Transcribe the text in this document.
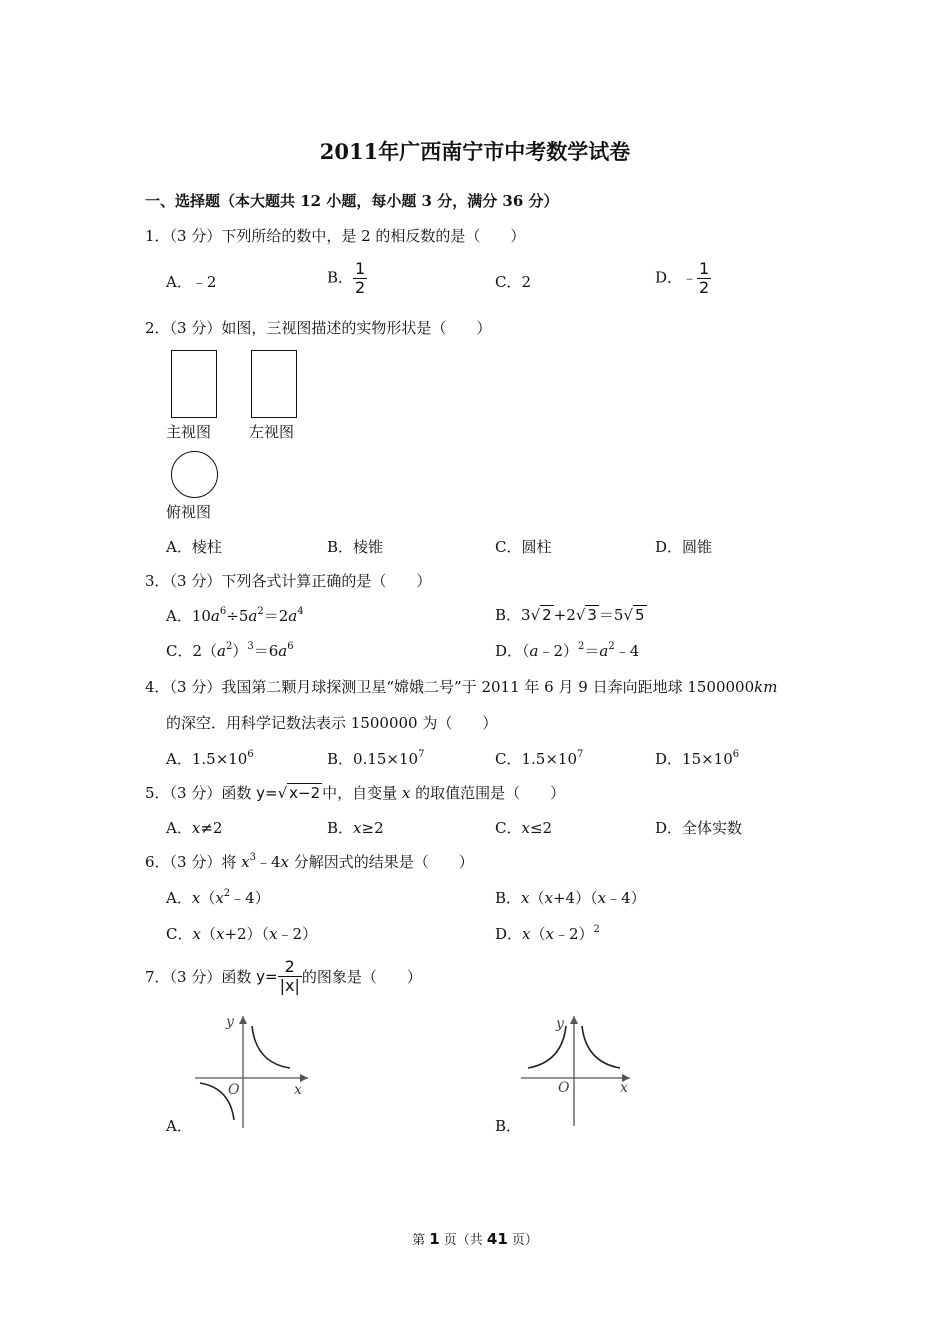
2011年广西南宁市中考数学试卷
一、选择题（本大题共 12 小题，每小题 3 分，满分 36 分）
1．（3 分）下列所给的数中，是 2 的相反数的是（　　）
A．﹣2	B． $\frac{1}{2}$	C．2	D．﹣ $\frac{1}{2}$
2．（3 分）如图，三视图描述的实物形状是（　　）
主视图	左视图
俯视图
A．棱柱	B．棱锥	C．圆柱	D．圆锥
3．（3 分）下列各式计算正确的是（　　）
A．$10a^6\div 5a^2=2a^4$	B．3√ 2 +2√ 3 ＝5√ 5
C．$2(a^2)^3=6a^6$	D．$(a﹣2)^2=a^2﹣4$
4．（3 分）我国第二颗月球探测卫星“嫦娥二号”于 2011 年 6 月 9 日奔向距地球 1500000km
的深空．用科学记数法表示 1500000 为（　　）
A．$1.5\times 10^6$	B．$0.15\times 10^7$	C．$1.5\times 10^7$	D．$15\times 10^6$
5．（3 分）函数 y=√ x−2 中，自变量 x 的取值范围是（　　）
A．x≠2	B．x≥2	C．x≤2	D．全体实数
6．（3 分）将 $x^3﹣4x$ 分解因式的结果是（　　）
A．$x(x^2﹣4)$	B．x（x+4）（x﹣4）
C．x（x+2）（x﹣2）	D．x（x﹣2）$^2$
7．（3 分）函数 $y= \frac{2}{|x|}$ 的图象是（　　）
y
x
O
A．
y
x
O
B．
第 1 页（共 41 页）
